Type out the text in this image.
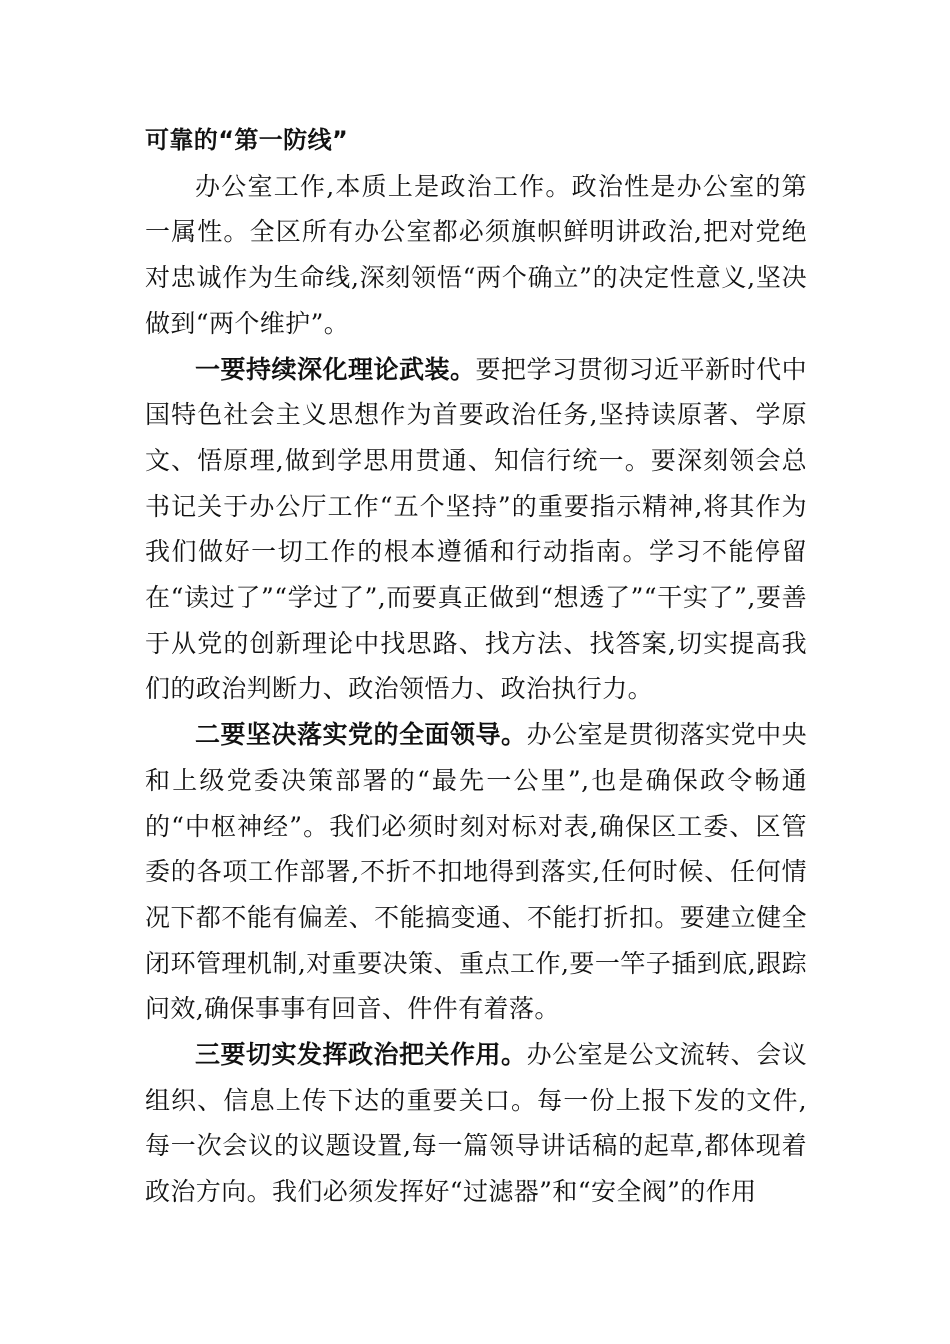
可靠的“第一防线”

办公室工作,本质上是政治工作。政治性是办公室的第一属性。全区所有办公室都必须旗帜鲜明讲政治,把对党绝对忠诚作为生命线,深刻领悟“两个确立”的决定性意义,坚决做到“两个维护”。

一要持续深化理论武装。要把学习贯彻习近平新时代中国特色社会主义思想作为首要政治任务,坚持读原著、学原文、悟原理,做到学思用贯通、知信行统一。要深刻领会总书记关于办公厅工作“五个坚持”的重要指示精神,将其作为我们做好一切工作的根本遵循和行动指南。学习不能停留在“读过了”“学过了”,而要真正做到“想透了”“干实了”,要善于从党的创新理论中找思路、找方法、找答案,切实提高我们的政治判断力、政治领悟力、政治执行力。

二要坚决落实党的全面领导。办公室是贯彻落实党中央和上级党委决策部署的“最先一公里”,也是确保政令畅通的“中枢神经”。我们必须时刻对标对表,确保区工委、区管委的各项工作部署,不折不扣地得到落实,任何时候、任何情况下都不能有偏差、不能搞变通、不能打折扣。要建立健全闭环管理机制,对重要决策、重点工作,要一竿子插到底,跟踪问效,确保事事有回音、件件有着落。

三要切实发挥政治把关作用。办公室是公文流转、会议组织、信息上传下达的重要关口。每一份上报下发的文件,每一次会议的议题设置,每一篇领导讲话稿的起草,都体现着政治方向。我们必须发挥好“过滤器”和“安全阀”的作用
